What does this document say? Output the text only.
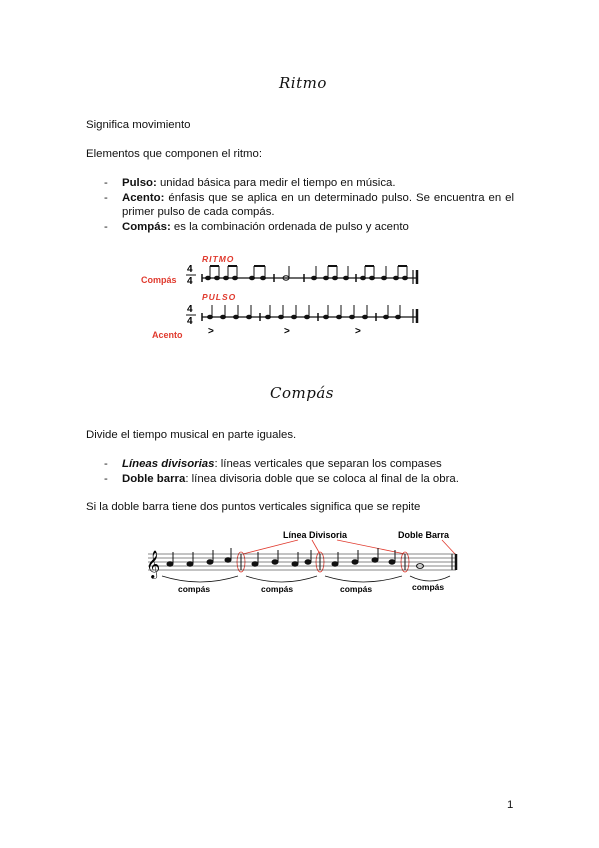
Ritmo
Significa movimiento
Elementos que componen el ritmo:
- Pulso: unidad básica para medir el tiempo en música.
- Acento: énfasis que se aplica en un determinado pulso. Se encuentra en el
primer pulso de cada compás.
- Compás: es la combinación ordenada de pulso y acento
Compás
Acento
RITMO
PULSO
4
4
4
4
>	>	>
Compás
Divide el tiempo musical en parte iguales.
- Líneas divisorias: líneas verticales que separan los compases
- Doble barra: línea divisoria doble que se coloca al final de la obra.
Si la doble barra tiene dos puntos verticales significa que se repite
Línea Divisoria	Doble Barra
𝄞
compás	compás	compás	compás
1
